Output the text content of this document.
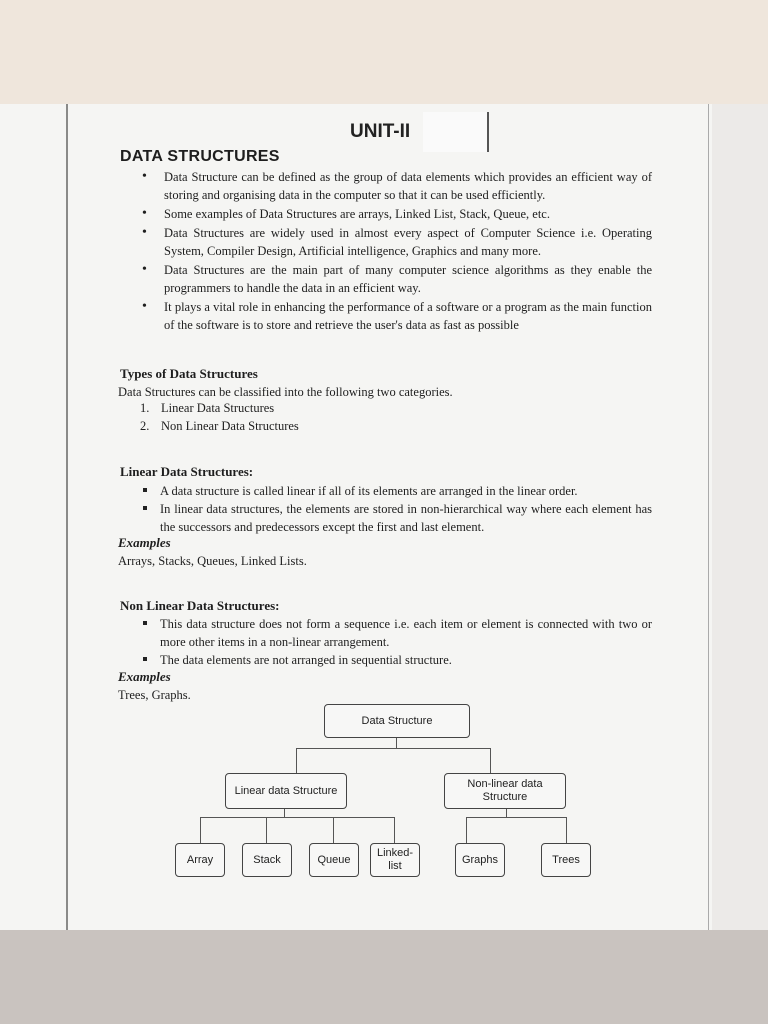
UNIT-II
DATA STRUCTURES
• Data Structure can be defined as the group of data elements which provides an efficient way of storing and organising data in the computer so that it can be used efficiently.
• Some examples of Data Structures are arrays, Linked List, Stack, Queue, etc.
• Data Structures are widely used in almost every aspect of Computer Science i.e. Operating System, Compiler Design, Artificial intelligence, Graphics and many more.
• Data Structures are the main part of many computer science algorithms as they enable the programmers to handle the data in an efficient way.
• It plays a vital role in enhancing the performance of a software or a program as the main function of the software is to store and retrieve the user's data as fast as possible
Types of Data Structures
Data Structures can be classified into the following two categories.
1. Linear Data Structures
2. Non Linear Data Structures
Linear Data Structures:
A data structure is called linear if all of its elements are arranged in the linear order.
In linear data structures, the elements are stored in non-hierarchical way where each element has the successors and predecessors except the first and last element.
Examples
Arrays, Stacks, Queues, Linked Lists.
Non Linear Data Structures:
This data structure does not form a sequence i.e. each item or element is connected with two or more other items in a non-linear arrangement.
The data elements are not arranged in sequential structure.
Examples
Trees, Graphs.
Data Structure
Linear data Structure
Non-linear data Structure
Array	Stack	Queue
Linked-list
Graphs	Trees
